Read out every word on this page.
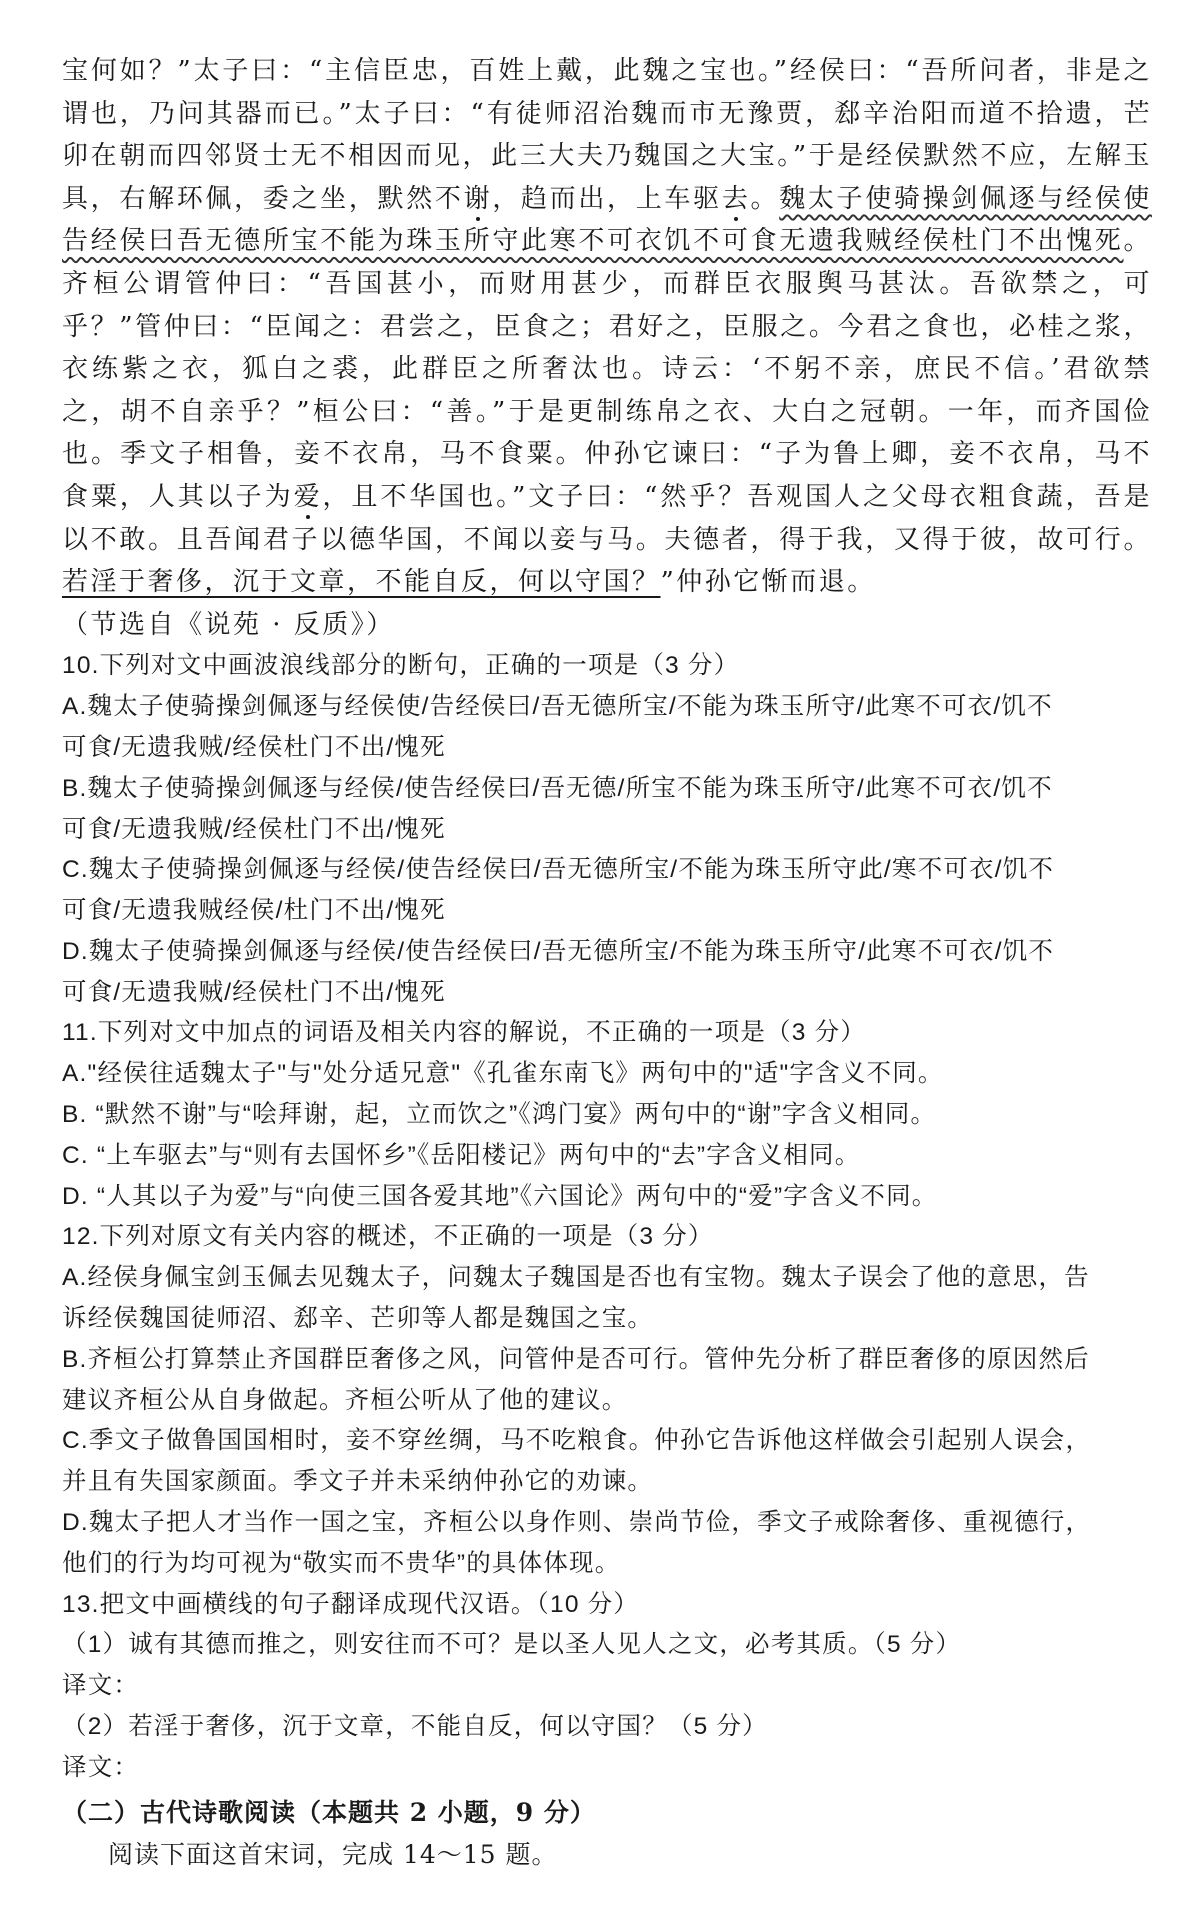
宝何如？”太子曰：“主信臣忠，百姓上戴，此魏之宝也。”经侯曰：“吾所问者，非是之谓也，乃问其器而已。”太子曰：“有徒师沼治魏而市无豫贾，郄辛治阳而道不拾遗，芒卯在朝而四邻贤士无不相因而见，此三大夫乃魏国之大宝。”于是经侯默然不应，左解玉具，右解环佩，委之坐，默然不谢，趋而出，上车驱去。魏太子使骑操剑佩逐与经侯使告经侯曰吾无德所宝不能为珠玉所守此寒不可衣饥不可食无遗我贼经侯杜门不出愧死。齐桓公谓管仲曰：“吾国甚小，而财用甚少，而群臣衣服舆马甚汰。吾欲禁之，可乎？”管仲曰：“臣闻之：君尝之，臣食之；君好之，臣服之。今君之食也，必桂之浆，衣练紫之衣，狐白之裘，此群臣之所奢汰也。诗云：‘不躬不亲，庶民不信。’君欲禁之，胡不自亲乎？”桓公曰：“善。”于是更制练帛之衣、大白之冠朝。一年，而齐国俭也。季文子相鲁，妾不衣帛，马不食粟。仲孙它谏曰：“子为鲁上卿，妾不衣帛，马不食粟，人其以子为爱，且不华国也。”文子曰：“然乎？吾观国人之父母衣粗食蔬，吾是以不敢。且吾闻君子以德华国，不闻以妾与马。夫德者，得于我，又得于彼，故可行。若淫于奢侈，沉于文章，不能自反，何以守国？”仲孙它惭而退。

（节选自《说苑 · 反质》）

10.下列对文中画波浪线部分的断句，正确的一项是（3 分）

A.魏太子使骑操剑佩逐与经侯使/告经侯曰/吾无德所宝/不能为珠玉所守/此寒不可衣/饥不

可食/无遗我贼/经侯杜门不出/愧死

B.魏太子使骑操剑佩逐与经侯/使告经侯曰/吾无德/所宝不能为珠玉所守/此寒不可衣/饥不

可食/无遗我贼/经侯杜门不出/愧死

C.魏太子使骑操剑佩逐与经侯/使告经侯曰/吾无德所宝/不能为珠玉所守此/寒不可衣/饥不

可食/无遗我贼经侯/杜门不出/愧死

D.魏太子使骑操剑佩逐与经侯/使告经侯曰/吾无德所宝/不能为珠玉所守/此寒不可衣/饥不

可食/无遗我贼/经侯杜门不出/愧死

11.下列对文中加点的词语及相关内容的解说，不正确的一项是（3 分）

A."经侯往适魏太子"与"处分适兄意"《孔雀东南飞》两句中的"适"字含义不同。

B. “默然不谢”与“哙拜谢，起，立而饮之”《鸿门宴》两句中的“谢”字含义相同。

C. “上车驱去”与“则有去国怀乡”《岳阳楼记》两句中的“去”字含义相同。

D. “人其以子为爱”与“向使三国各爱其地”《六国论》两句中的“爱”字含义不同。

12.下列对原文有关内容的概述，不正确的一项是（3 分）

A.经侯身佩宝剑玉佩去见魏太子，问魏太子魏国是否也有宝物。魏太子误会了他的意思，告

诉经侯魏国徒师沼、郄辛、芒卯等人都是魏国之宝。

B.齐桓公打算禁止齐国群臣奢侈之风，问管仲是否可行。管仲先分析了群臣奢侈的原因然后

建议齐桓公从自身做起。齐桓公听从了他的建议。

C.季文子做鲁国国相时，妾不穿丝绸，马不吃粮食。仲孙它告诉他这样做会引起别人误会，

并且有失国家颜面。季文子并未采纳仲孙它的劝谏。

D.魏太子把人才当作一国之宝，齐桓公以身作则、崇尚节俭，季文子戒除奢侈、重视德行，

他们的行为均可视为“敬实而不贵华”的具体体现。

13.把文中画横线的句子翻译成现代汉语。（10 分）

（1）诚有其德而推之，则安往而不可？是以圣人见人之文，必考其质。（5 分）

译文：

（2）若淫于奢侈，沉于文章，不能自反，何以守国？（5 分）

译文：

（二）古代诗歌阅读（本题共 2 小题，9 分）

阅读下面这首宋词，完成 14～15 题。
